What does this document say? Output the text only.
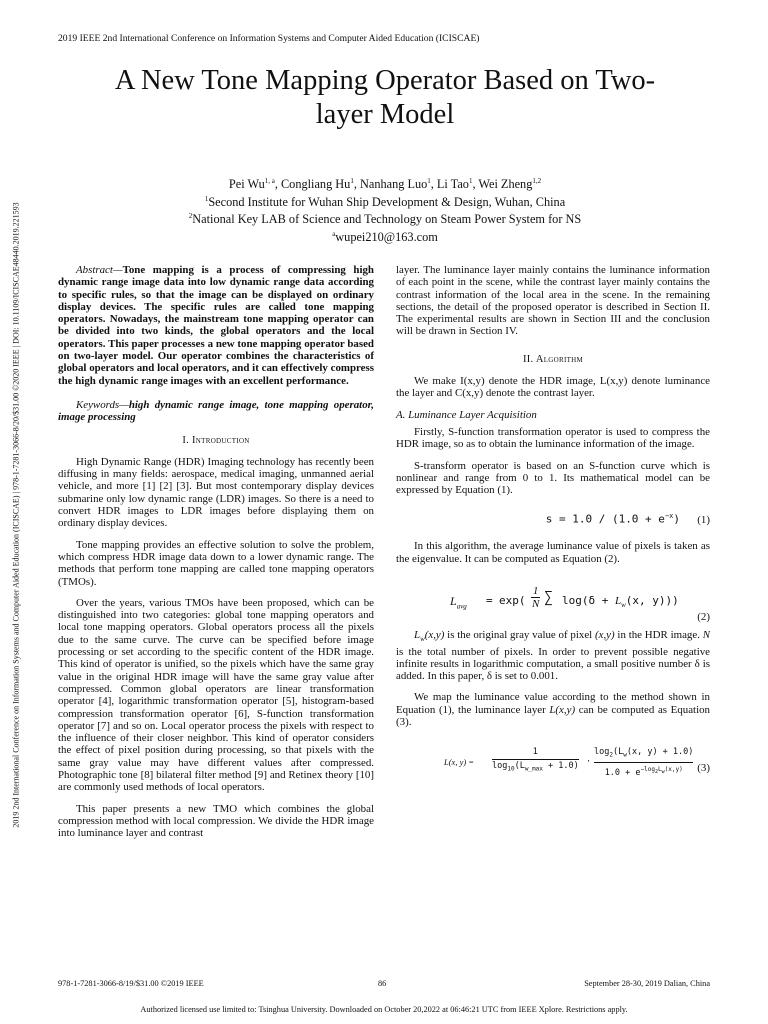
2019 IEEE 2nd International Conference on Information Systems and Computer Aided Education (ICISCAE)
A New Tone Mapping Operator Based on Two-
layer Model
Pei Wu$^{1, a}$, Congliang Hu$^1$, Nanhang Luo$^1$, Li Tao$^1$, Wei Zheng$^{1,2}$
$^1$Second Institute for Wuhan Ship Development & Design, Wuhan, China
$^2$National Key LAB of Science and Technology on Steam Power System for NS
$^a$wupei210@163.com
2019 2nd International Conference on Information Systems and Computer Aided Education (ICISCAE) | 978-1-7281-3066-8/20/$31.00 ©2020 IEEE | DOI: 10.1109/ICISCAE48440.2019.221593	Abstract—Tone mapping is a process of compressing high dynamic range image data into low dynamic range data according to specific rules, so that the image can be displayed on ordinary display devices. The specific rules are called tone mapping operators. Nowadays, the mainstream tone mapping operator can be divided into two kinds, the global operators and the local operators. This paper processes a new tone mapping operator based on two-layer model. Our operator combines the characteristics of global operators and local operators, and it can effectively compress the high dynamic range images with an excellent performance.

Keywords—high dynamic range image, tone mapping operator, image processing

I. Introduction

High Dynamic Range (HDR) Imaging technology has recently been diffusing in many fields: aerospace, medical imaging, unmanned aerial vehicle, and more [1] [2] [3]. But most contemporary display devices submarine only low dynamic range (LDR) images. So there is a need to convert HDR images to LDR images before displaying them on ordinary display devices.

Tone mapping provides an effective solution to solve the problem, which compress HDR image data down to a lower dynamic range. The methods that perform tone mapping are called tone mapping operators (TMOs).

Over the years, various TMOs have been proposed, which can be distinguished into two categories: global tone mapping operators and local tone mapping operators. Global operators process all the pixels due to the same curve. The curve can be specified before image processing or set according to the specific content of the HDR image. This kind of operator is unified, so the pixels which have the same gray value in the original HDR image will have the same gray value after compressed. Common global operators are linear transformation operator [4], logarithmic transformation operator [5], histogram-based compression transformation operator [6], S-function transformation operator [7] and so on. Local operator process the pixels with respect to the influence of their closer neighbor. This kind of operator considers the effect of pixel position during processing, so that pixels with the same gray value may have different values after compressed. Photographic tone [8] bilateral filter method [9] and Retinex theory [10] are commonly used methods of local operators.

This paper presents a new TMO which combines the global compression method with local compression. We divide the HDR image into luminance layer and contrast

layer. The luminance layer mainly contains the luminance information of each point in the scene, while the contrast layer mainly contains the contrast information of the local area in the scene. In the remaining sections, the detail of the proposed operator is described in Section II. The experimental results are shown in Section III and the conclusion will be drawn in Section IV.

II. Algorithm

We make I(x,y) denote the HDR image, L(x,y) denote luminance the layer and C(x,y) denote the contrast layer.

A. Luminance Layer Acquisition

Firstly, S-function transformation operator is used to compress the HDR image, so as to obtain the luminance information of the image.

S-transform operator is based on an S-function curve which is nonlinear and range from 0 to 1. Its mathematical model can be expressed by Equation (1).

$s = 1.0 / (1.0 + e^{-x})$ (1)

In this algorithm, the average luminance value of pixels is taken as the eigenvalue. It can be computed as Equation (2).

$L_{avg} = \exp$(
1
N ∑ $\log(\delta + L_w(x$, y)))
(2)

$L_w(x,y)$ is the original gray value of pixel (x,y) in the HDR image. N is the total number of pixels. In order to prevent possible negative infinite results in logarithmic computation, a small positive number δ is added. In this paper, δ is set to 0.001.

We map the luminance value according to the method shown in Equation (1), the luminance layer L(x,y) can be computed as Equation (3).

L(x, y) =
1
$\log_{10}(L_{w\_max} + 1.0)$ ·
$\log_2(L_w(x$, y) + 1.0)
$1.0 + e^{-log_2L_w(x,y)}$	(3)
978-1-7281-3066-8/19/$31.00 ©2019 IEEE	86	September 28-30, 2019 Dalian, China
Authorized licensed use limited to: Tsinghua University. Downloaded on October 20,2022 at 06:46:21 UTC from IEEE Xplore. Restrictions apply.
